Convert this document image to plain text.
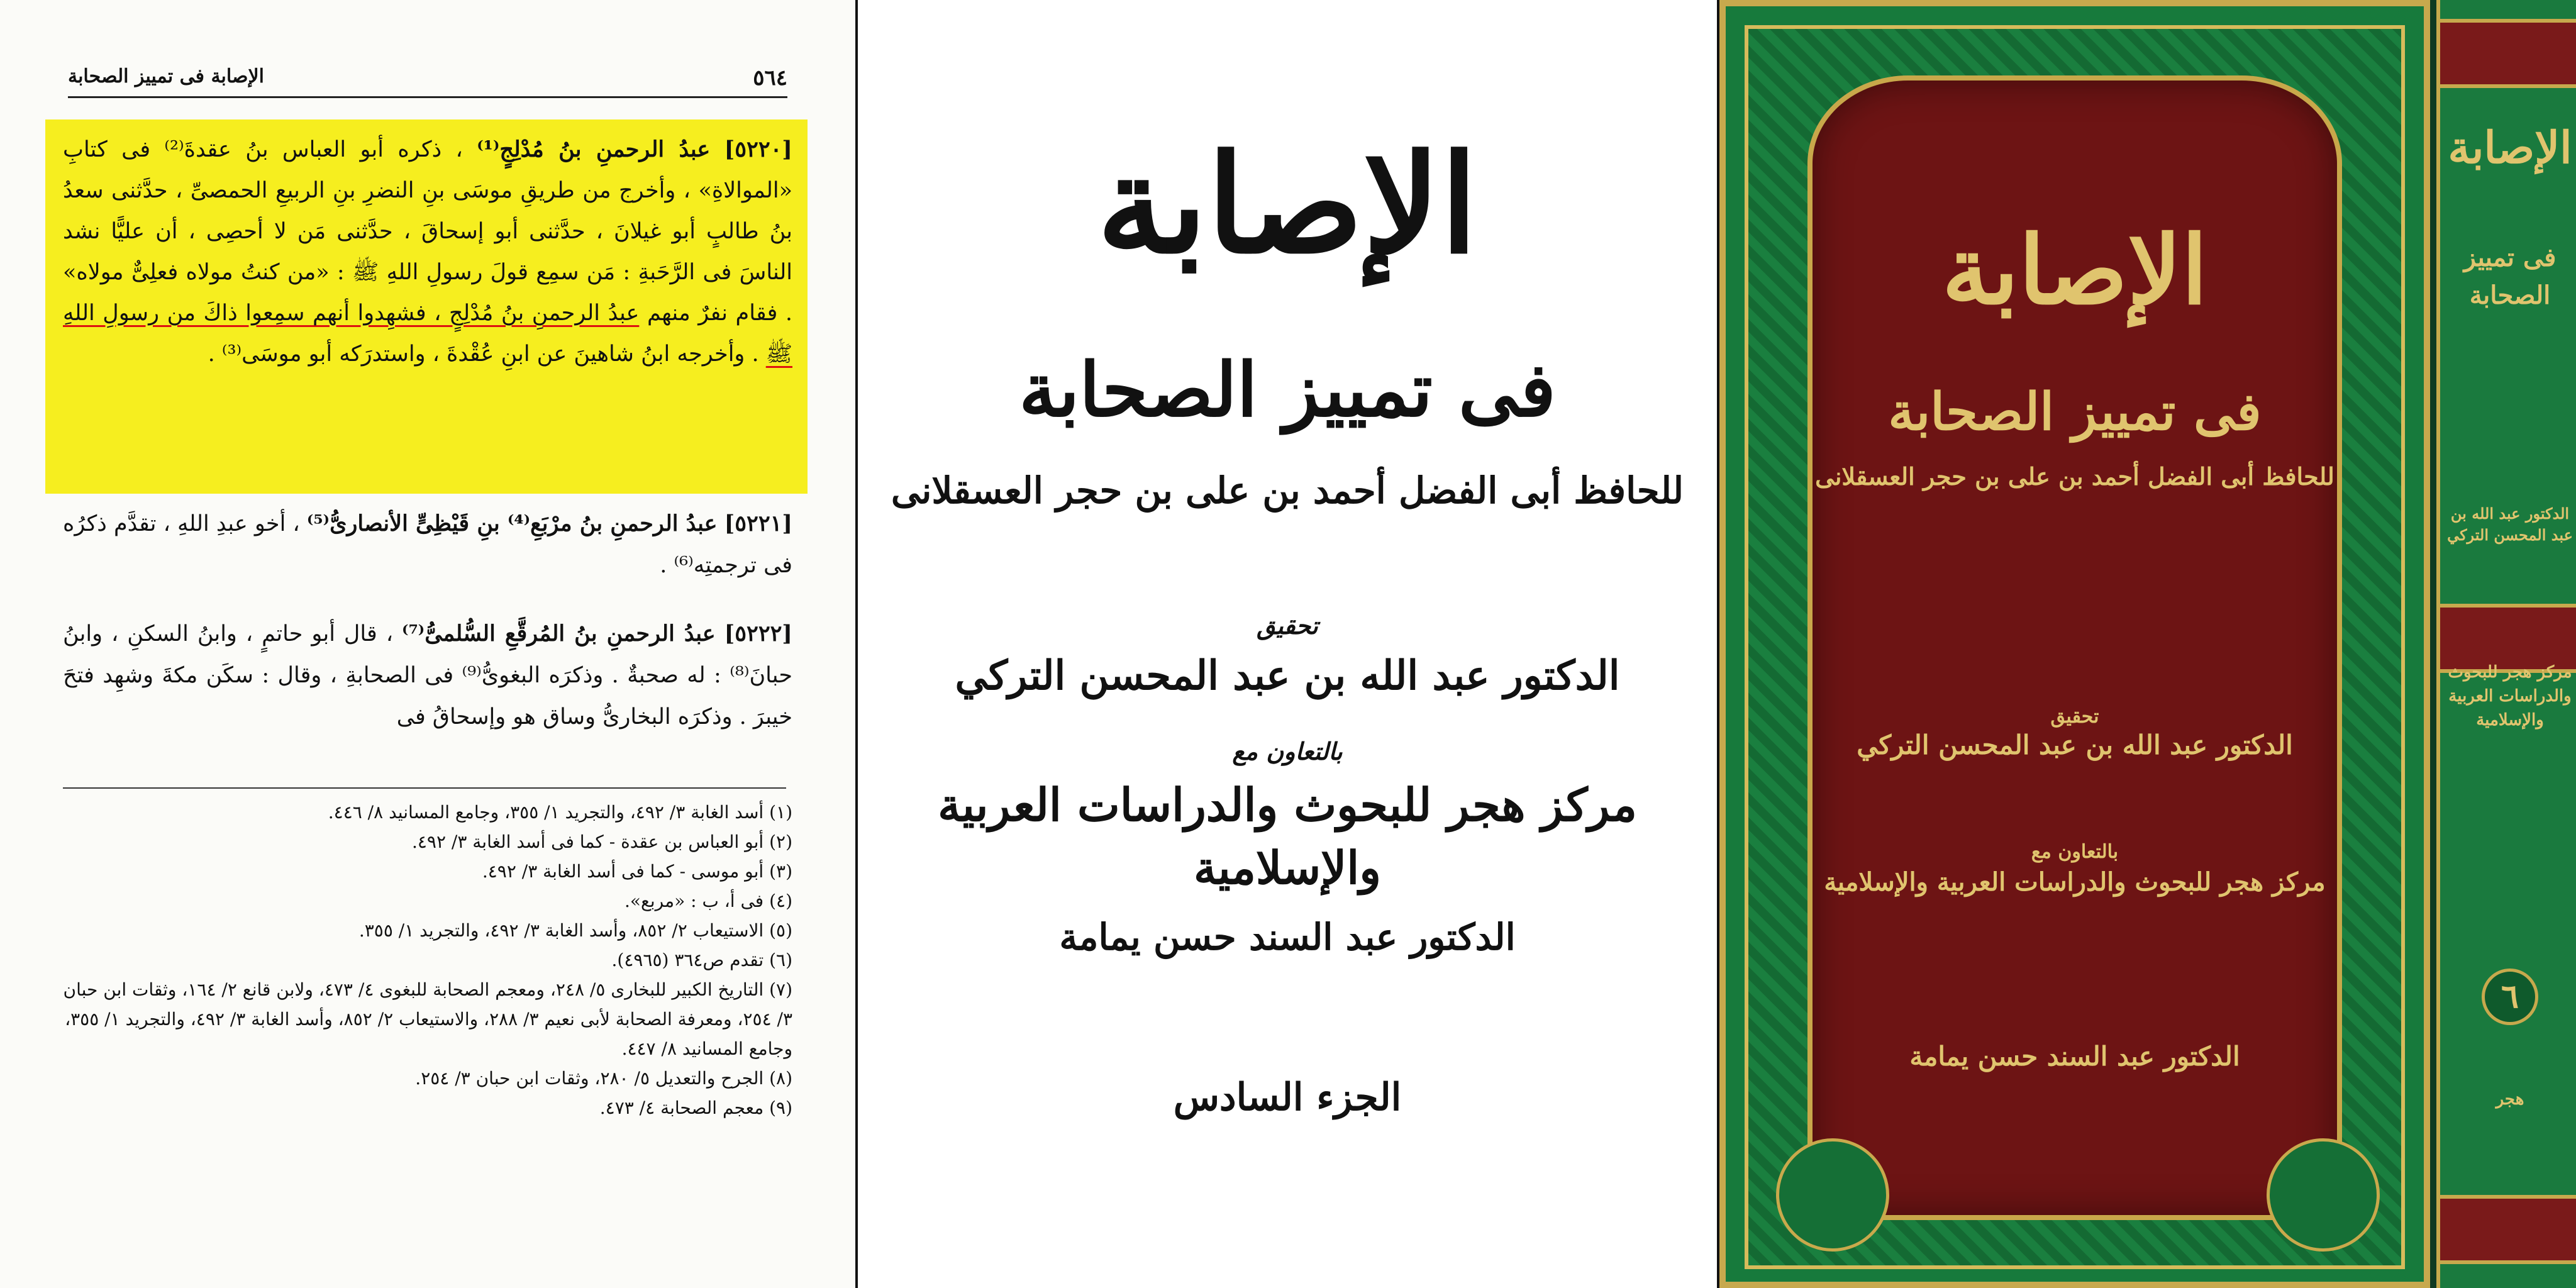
٥٦٤
الإصابة فى تمييز الصحابة
[٥٢٢٠] عبدُ الرحمنِ بنُ مُدْلِجٍ⁽¹⁾ ، ذكره أبو العباس بنُ عقدةَ⁽²⁾ فى كتابِ «الموالاةِ» ، وأخرج من طريقِ موسَى بنِ النضرِ بنِ الربيعِ الحمصىِّ ، حدَّثنى سعدُ بنُ طالبٍ أبو غيلانَ ، حدَّثنى أبو إسحاقَ ، حدَّثنى مَن لا أحصِى ، أن عليًّا نشد الناسَ فى الرَّحَبةِ : مَن سمِع قولَ رسولِ اللهِ ﷺ : «من كنتُ مولاه فعلِىٌّ مولاه» . فقام نفرٌ منهم عبدُ الرحمنِ بنُ مُدْلِجٍ ، فشهِدوا أنهم سمِعوا ذاكَ من رسولِ اللهِ ﷺ . وأخرجه ابنُ شاهينَ عن ابنِ عُقْدةَ ، واستدرَكه أبو موسَى⁽³⁾ .
[٥٢٢١] عبدُ الرحمنِ بنُ مرْبَعِ⁽⁴⁾ بنِ قَيْظِىٍّ الأنصارىُّ⁽⁵⁾ ، أخو عبدِ اللهِ ، تقدَّم ذكرُه فى ترجمتِه⁽⁶⁾ .
[٥٢٢٢] عبدُ الرحمنِ بنُ المُرقَّعِ السُّلمىُّ⁽⁷⁾ ، قال أبو حاتمٍ ، وابنُ السكنِ ، وابنُ حبانَ⁽⁸⁾ : له صحبةٌ . وذكرَه البغوىُّ⁽⁹⁾ فى الصحابةِ ، وقال : سكَن مكةَ وشهِد فتحَ خيبرَ . وذكرَه البخارىُّ وساق هو وإسحاقُ فى
(١) أسد الغابة ٣/ ٤٩٢، والتجريد ١/ ٣٥٥، وجامع المسانيد ٨/ ٤٤٦.
(٢) أبو العباس بن عقدة - كما فى أسد الغابة ٣/ ٤٩٢.
(٣) أبو موسى - كما فى أسد الغابة ٣/ ٤٩٢.
(٤) فى أ، ب : «مربع».
(٥) الاستيعاب ٢/ ٨٥٢، وأسد الغابة ٣/ ٤٩٢، والتجريد ١/ ٣٥٥.
(٦) تقدم ص٣٦٤ (٤٩٦٥).
(٧) التاريخ الكبير للبخارى ٥/ ٢٤٨، ومعجم الصحابة للبغوى ٤/ ٤٧٣، ولابن قانع ٢/ ١٦٤، وثقات ابن حبان ٣/ ٢٥٤، ومعرفة الصحابة لأبى نعيم ٣/ ٢٨٨، والاستيعاب ٢/ ٨٥٢، وأسد الغابة ٣/ ٤٩٢، والتجريد ١/ ٣٥٥، وجامع المسانيد ٨/ ٤٤٧.
(٨) الجرح والتعديل ٥/ ٢٨٠، وثقات ابن حبان ٣/ ٢٥٤.
(٩) معجم الصحابة ٤/ ٤٧٣.
الإصابة
فى تمييز الصحابة
للحافظ أبى الفضل أحمد بن على بن حجر العسقلانى
تحقيق
الدكتور عبد الله بن عبد المحسن التركي
بالتعاون مع
مركز هجر للبحوث والدراسات العربية والإسلامية
الدكتور عبد السند حسن يمامة
الجزء السادس
الإصابة
فى تمييز الصحابة
للحافظ أبى الفضل أحمد بن على بن حجر العسقلانى
تحقيق
الدكتور عبد الله بن عبد المحسن التركي
بالتعاون مع
مركز هجر للبحوث والدراسات العربية والإسلامية
الدكتور عبد السند حسن يمامة
الإصابة
فى تمييز الصحابة
الدكتور عبد الله بن عبد المحسن التركي
مركز هجر للبحوث والدراسات العربية والإسلامية
٦
هجر
